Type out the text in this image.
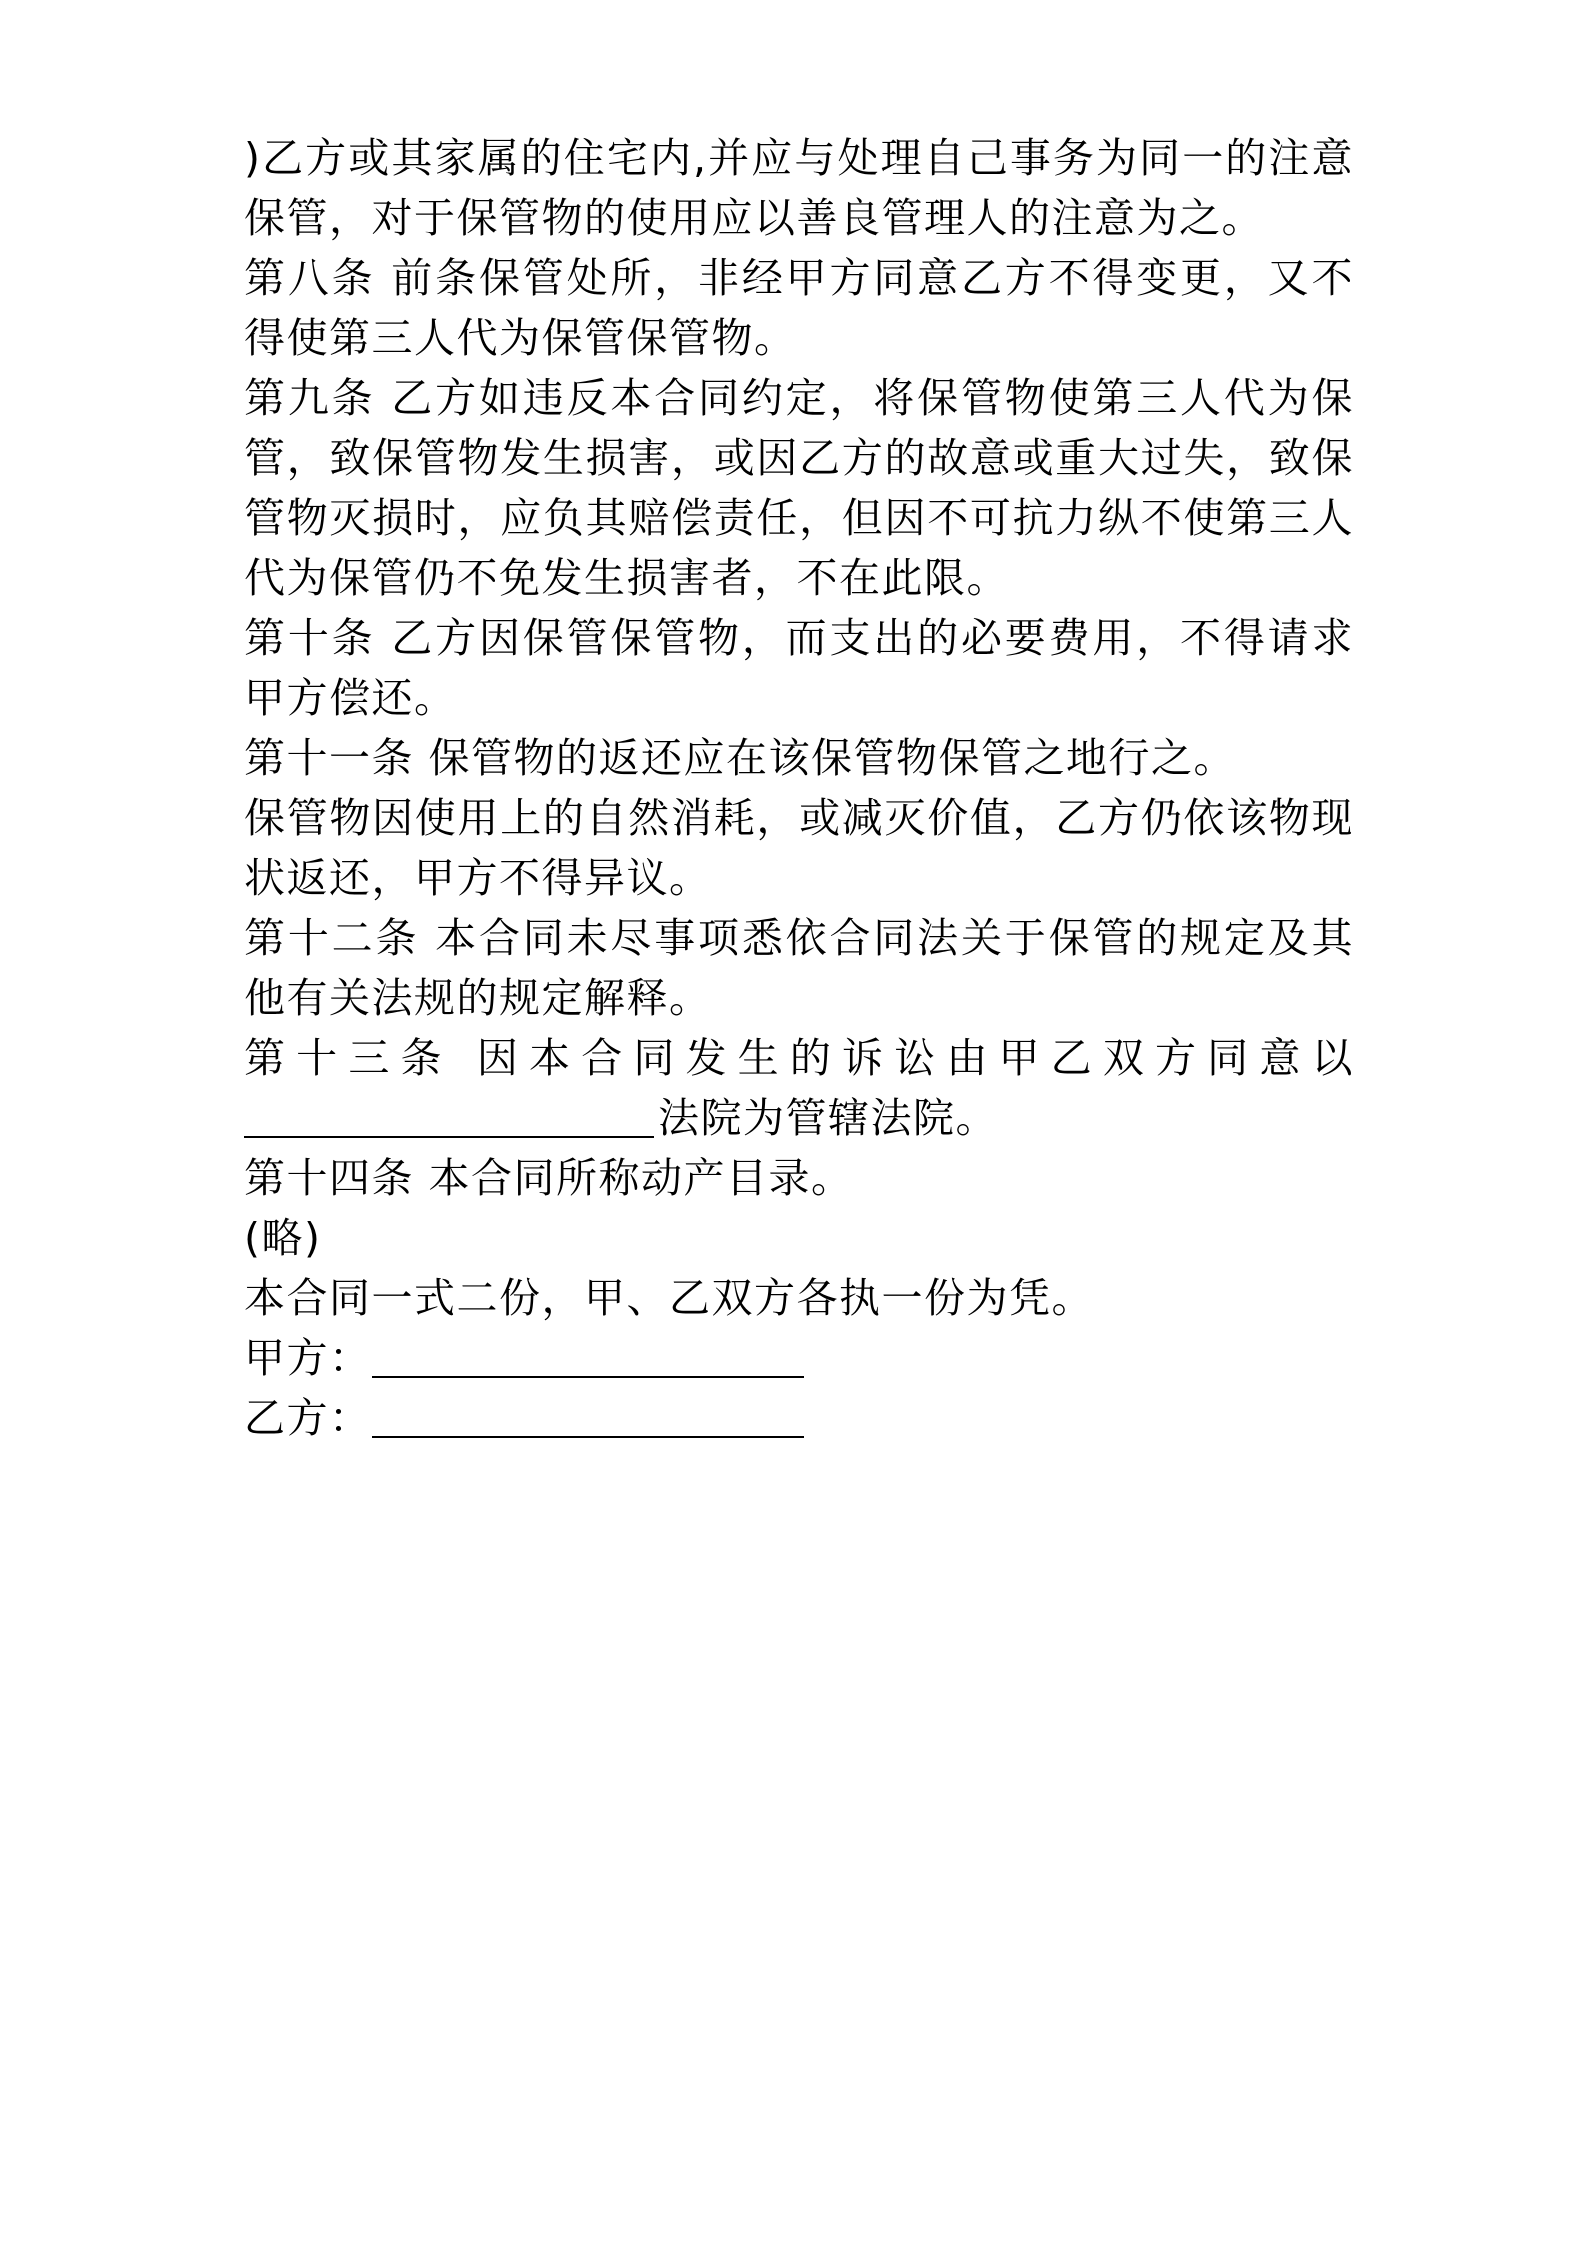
)乙方或其家属的住宅内,并应与处理自己事务为同一的注意
保管，对于保管物的使用应以善良管理人的注意为之。
第八条 前条保管处所，非经甲方同意乙方不得变更，又不
得使第三人代为保管保管物。
第九条 乙方如违反本合同约定，将保管物使第三人代为保
管，致保管物发生损害，或因乙方的故意或重大过失，致保
管物灭损时，应负其赔偿责任，但因不可抗力纵不使第三人
代为保管仍不免发生损害者，不在此限。
第十条 乙方因保管保管物，而支出的必要费用，不得请求
甲方偿还。
第十一条 保管物的返还应在该保管物保管之地行之。
保管物因使用上的自然消耗，或减灭价值，乙方仍依该物现
状返还，甲方不得异议。
第十二条 本合同未尽事项悉依合同法关于保管的规定及其
他有关法规的规定解释。
第十三条 因本合同发生的诉讼由甲乙双方同意以
法院为管辖法院。
第十四条 本合同所称动产目录。
(略)
本合同一式二份，甲、乙双方各执一份为凭。
甲方：
乙方：
